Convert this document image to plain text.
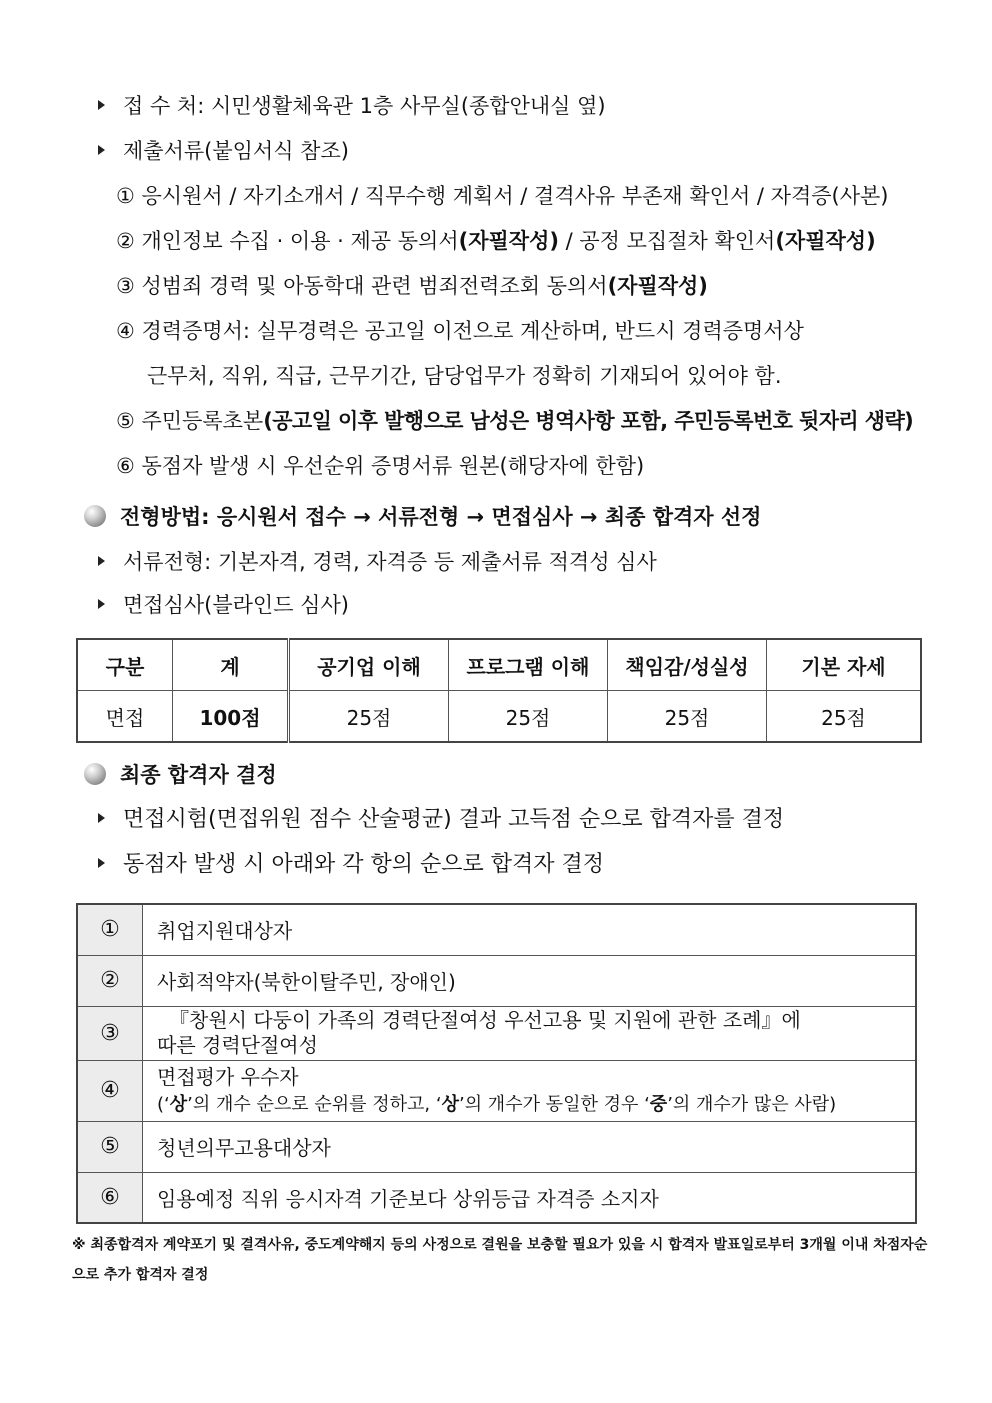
접 수 처: 시민생활체육관 1층 사무실(종합안내실 옆)
제출서류(붙임서식 참조)
① 응시원서 / 자기소개서 / 직무수행 계획서 / 결격사유 부존재 확인서 / 자격증(사본)
② 개인정보 수집 · 이용 · 제공 동의서(자필작성) / 공정 모집절차 확인서(자필작성)
③ 성범죄 경력 및 아동학대 관련 범죄전력조회 동의서(자필작성)
④ 경력증명서: 실무경력은 공고일 이전으로 계산하며, 반드시 경력증명서상
근무처, 직위, 직급, 근무기간, 담당업무가 정확히 기재되어 있어야 함.
⑤ 주민등록초본(공고일 이후 발행으로 남성은 병역사항 포함, 주민등록번호 뒷자리 생략)
⑥ 동점자 발생 시 우선순위 증명서류 원본(해당자에 한함)
전형방법: 응시원서 접수 → 서류전형 → 면접심사 → 최종 합격자 선정
서류전형: 기본자격, 경력, 자격증 등 제출서류 적격성 심사
면접심사(블라인드 심사)
구분	계	공기업 이해	프로그램 이해	책임감/성실성	기본 자세
면접	100점	25점	25점	25점	25점
최종 합격자 결정
면접시험(면접위원 점수 산술평균) 결과 고득점 순으로 합격자를 결정
동점자 발생 시 아래와 각 항의 순으로 합격자 결정
①	취업지원대상자
②	사회적약자(북한이탈주민, 장애인)
③	『창원시 다둥이 가족의 경력단절여성 우선고용 및 지원에 관한 조례』에
따른 경력단절여성

④	면접평가 우수자
(‘상’의 개수 순으로 순위를 정하고, ‘상’의 개수가 동일한 경우 ‘중’의 개수가 많은 사람)

⑤	청년의무고용대상자
⑥	임용예정 직위 응시자격 기준보다 상위등급 자격증 소지자
※ 최종합격자 계약포기 및 결격사유, 중도계약해지 등의 사정으로 결원을 보충할 필요가 있을 시 합격자 발표일로부터 3개월 이내 차점자순으로 추가 합격자 결정
